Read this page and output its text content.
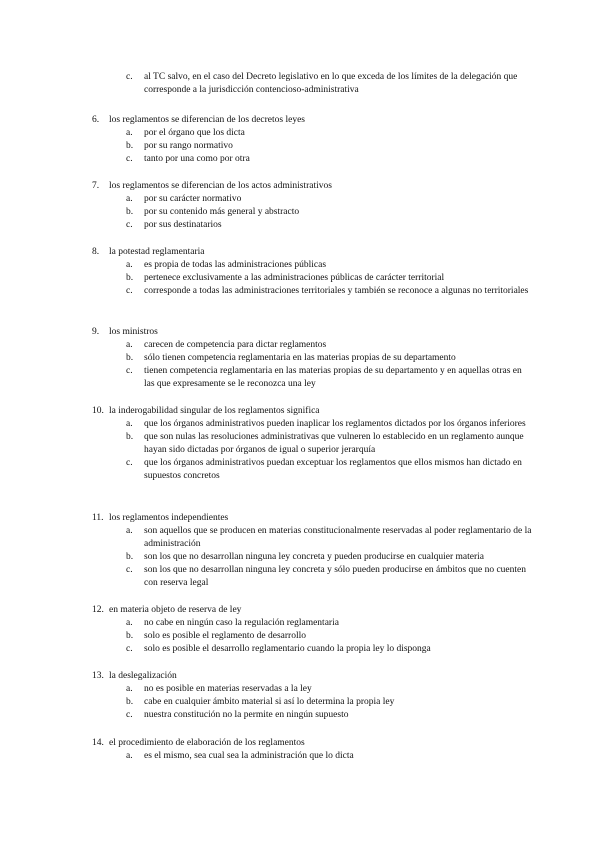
c.	al TC salvo, en el caso del Decreto legislativo en lo que exceda de los límites de la delegación que corresponde a la jurisdicción contencioso-administrativa
6.	los reglamentos se diferencian de los decretos leyes
a.	por el órgano que los dicta
b.	por su rango normativo
c.	tanto por una como por otra
7.	los reglamentos se diferencian de los actos administrativos
a.	por su carácter normativo
b.	por su contenido más general y abstracto
c.	por sus destinatarios
8.	la potestad reglamentaria
a.	es propia de todas las administraciones públicas
b.	pertenece exclusivamente a las administraciones públicas de carácter territorial
c.	corresponde a todas las administraciones territoriales y también se reconoce a algunas no territoriales
9.	los ministros
a.	carecen de competencia para dictar reglamentos
b.	sólo tienen competencia reglamentaria en las materias propias de su departamento
c.	tienen competencia reglamentaria en las materias propias de su departamento y en aquellas otras en las que expresamente se le reconozca una ley
10. la inderogabilidad singular de los reglamentos significa
a.	que los órganos administrativos pueden inaplicar los reglamentos dictados por los órganos inferiores
b.	que son nulas las resoluciones administrativas que vulneren lo establecido en un reglamento aunque hayan sido dictadas por órganos de igual o superior jerarquía
c.	que los órganos administrativos puedan exceptuar los reglamentos que ellos mismos han dictado en supuestos concretos
11. los reglamentos independientes
a.	son aquellos que se producen en materias constitucionalmente reservadas al poder reglamentario de la administración
b.	son los que no desarrollan ninguna ley concreta y pueden producirse en cualquier materia
c.	son los que no desarrollan ninguna ley concreta y sólo pueden producirse en ámbitos que no cuenten con reserva legal
12. en materia objeto de reserva de ley
a.	no cabe en ningún caso la regulación reglamentaria
b.	solo es posible el reglamento de desarrollo
c.	solo es posible el desarrollo reglamentario cuando la propia ley lo disponga
13. la deslegalización
a.	no es posible en materias reservadas a la ley
b.	cabe en cualquier ámbito material si así lo determina la propia ley
c.	nuestra constitución no la permite en ningún supuesto
14. el procedimiento de elaboración de los reglamentos
a.	es el mismo, sea cual sea la administración que lo dicta
